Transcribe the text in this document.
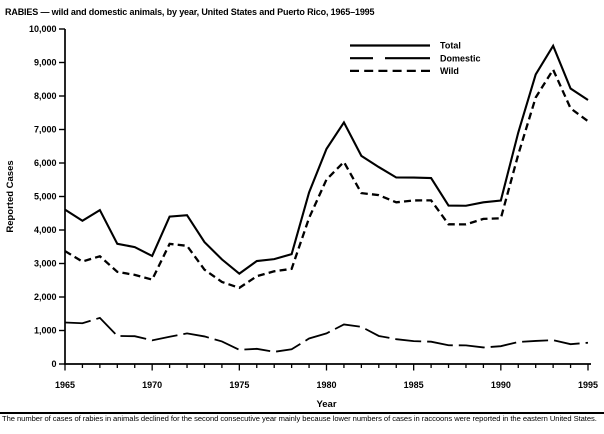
RABIES — wild and domestic animals, by year, United States and Puerto Rico, 1965–1995
0
1,000
2,000
3,000
4,000
5,000
6,000
7,000
8,000
9,000
10,000
1965	1970	1975	1980	1985	1990	1995
Year
Reported Cases
Total
Domestic
Wild
The number of cases of rabies in animals declined for the second consecutive year mainly because lower numbers of cases in raccoons were reported in the eastern United States.
